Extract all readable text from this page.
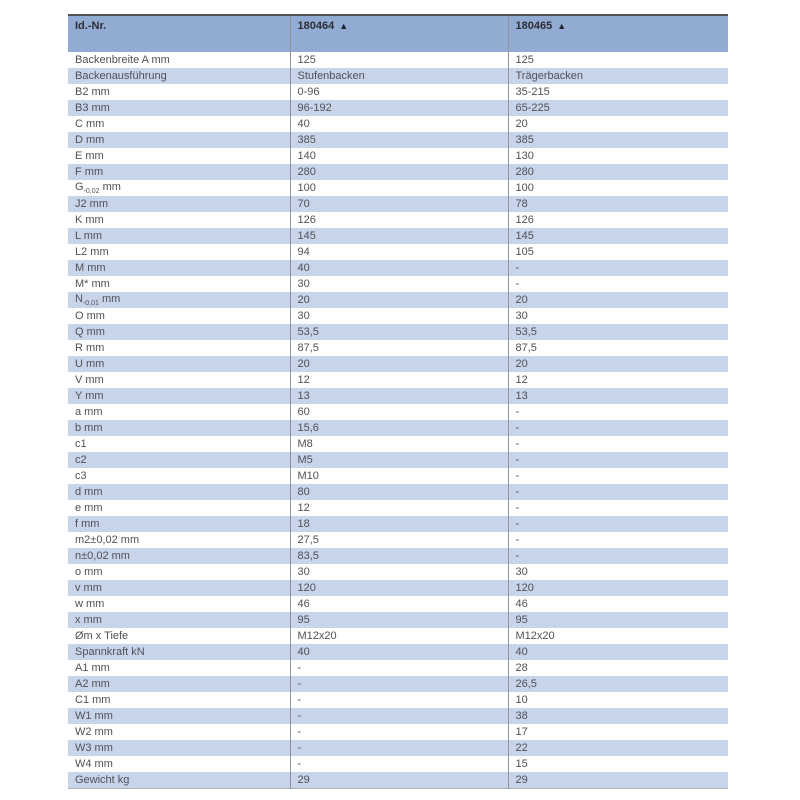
Id.-Nr.	180464 ▲	180465 ▲
Backenbreite A mm	125	125
Backenausführung	Stufenbacken	Trägerbacken
B2 mm	0-96	35-215
B3 mm	96-192	65-225
C mm	40	20
D mm	385	385
E mm	140	130
F mm	280	280
$G_{-0,02}$ mm	100	100
J2 mm	70	78
K mm	126	126
L mm	145	145
L2 mm	94	105
M mm	40	-
M* mm	30	-
$N_{-0,01}$ mm	20	20
O mm	30	30
Q mm	53,5	53,5
R mm	87,5	87,5
U mm	20	20
V mm	12	12
Y mm	13	13
a mm	60	-
b mm	15,6	-
c1	M8	-
c2	M5	-
c3	M10	-
d mm	80	-
e mm	12	-
f mm	18	-
m2±0,02 mm	27,5	-
n±0,02 mm	83,5	-
o mm	30	30
v mm	120	120
w mm	46	46
x mm	95	95
Øm x Tiefe	M12x20	M12x20
Spannkraft kN	40	40
A1 mm	-	28
A2 mm	-	26,5
C1 mm	-	10
W1 mm	-	38
W2 mm	-	17
W3 mm	-	22
W4 mm	-	15
Gewicht kg	29	29
